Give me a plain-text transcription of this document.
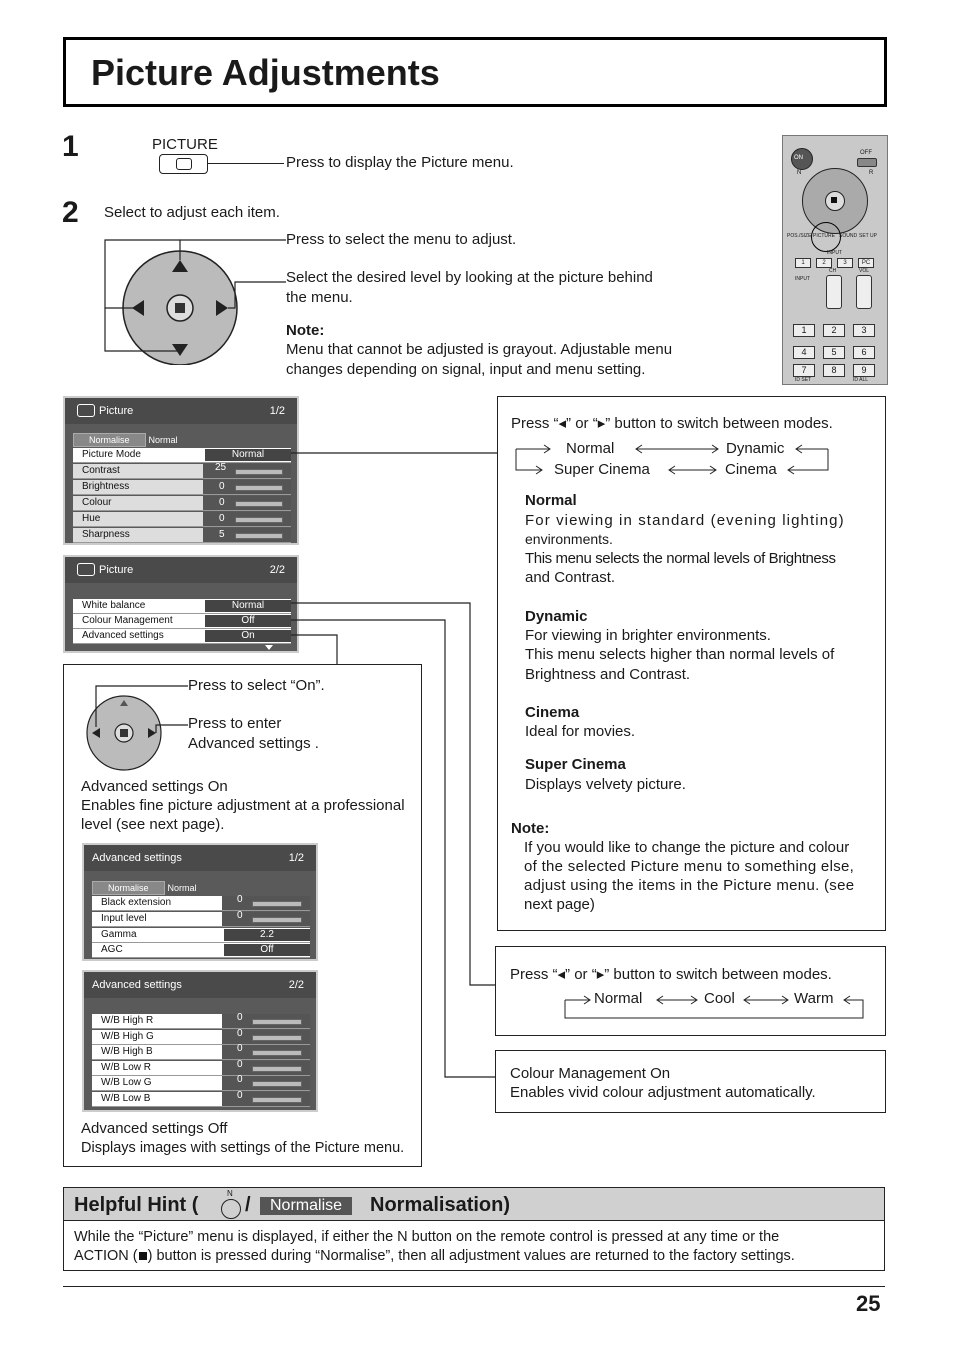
Picture Adjustments
1	PICTURE
Press to display the Picture menu.
2 Select to adjust each item.
Press to select the menu to adjust.
Select the desired level by looking at the picture behind
the menu.
Note:
Menu that cannot be adjusted is grayout. Adjustable menu
changes depending on signal, input and menu setting.
ON
OFF
N	R
POS./SIZE PICTURE SOUND SET UP
INPUT
1	2	3	PC
INPUT
CH	VOL
1	2	3
4	5	6
7	8	9
ID SET	ID ALL
Picture	1/2
Normalise Normal
Picture Mode	Normal
Contrast	25
Brightness	0
Colour	0
Hue	0
Sharpness	5
Picture	2/2
White balance	Normal
Colour Management	Off
Advanced settings	On
Press to select “On”.
Press to enter
Advanced settings .
Advanced settings On
Enables fine picture adjustment at a professional
level (see next page).
Advanced settings	1/2
Normalise Normal
Black extension	0
Input level	0
Gamma	2.2
AGC	Off
Advanced settings	2/2
W/B High R	0
W/B High G	0
W/B High B	0
W/B Low R	0
W/B Low G	0
W/B Low B	0
Advanced settings Off
Displays images with settings of the Picture menu.
Press “◂” or “▸” button to switch between modes.
Normal	Dynamic
Super Cinema	Cinema
Normal
For viewing in standard (evening lighting)
environments.
This menu selects the normal levels of Brightness
and Contrast.
Dynamic
For viewing in brighter environments.
This menu selects higher than normal levels of
Brightness and Contrast.
Cinema
Ideal for movies.
Super Cinema
Displays velvety picture.
Note:
If you would like to change the picture and colour
of the selected Picture menu to something else,
adjust using the items in the Picture menu. (see
next page)
Press “◂” or “▸” button to switch between modes.
Normal	Cool	Warm
Colour Management On
Enables vivid colour adjustment automatically.
Helpful Hint (
N
/	Normalise	Normalisation)
While the “Picture” menu is displayed, if either the N button on the remote control is pressed at any time or the
ACTION ( ) button is pressed during “Normalise”, then all adjustment values are returned to the factory settings.
25
